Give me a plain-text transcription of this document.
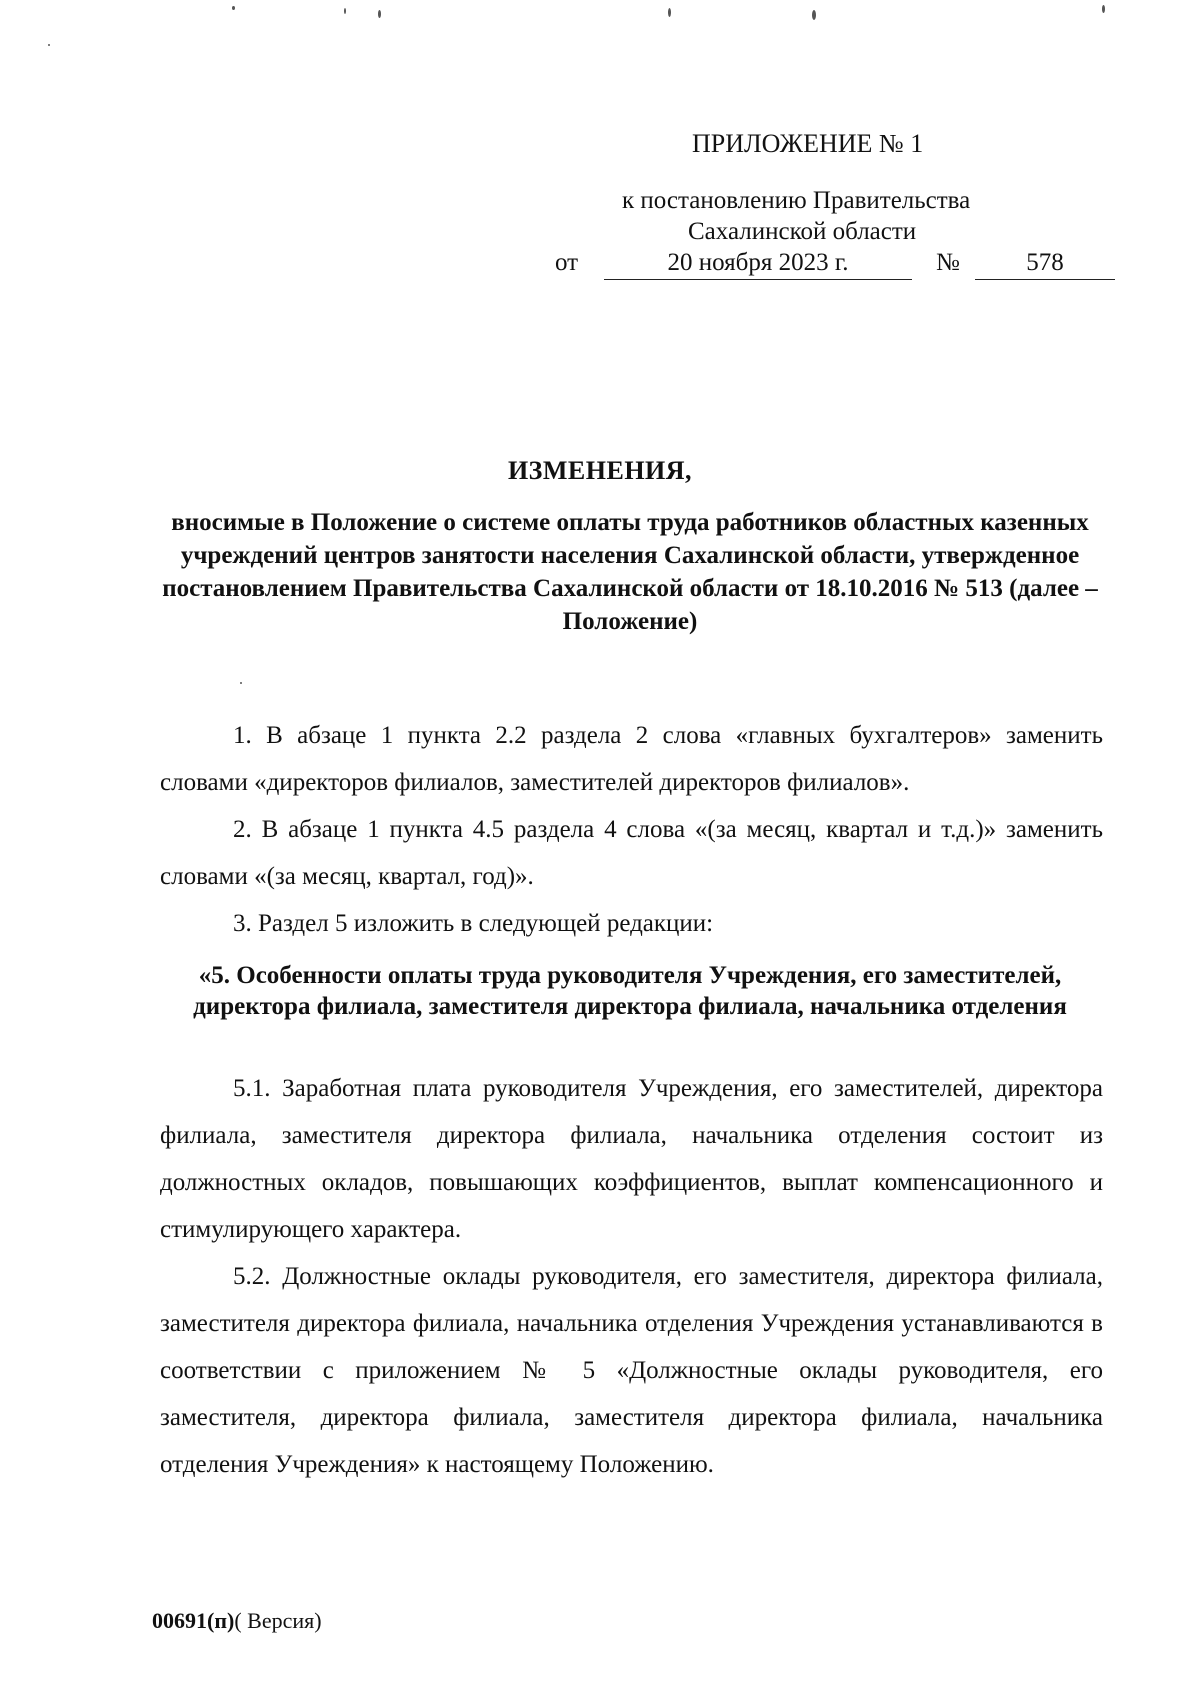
ПРИЛОЖЕНИЕ № 1
к постановлению Правительства
Сахалинской области
от	20 ноября 2023 г.	№	578
ИЗМЕНЕНИЯ,
вносимые в Положение о системе оплаты труда работников областных казенных учреждений центров занятости населения Сахалинской области, утвержденное постановлением Правительства Сахалинской области от 18.10.2016 № 513 (далее – Положение)

1. В абзаце 1 пункта 2.2 раздела 2 слова «главных бухгалтеров» заменить словами «директоров филиалов, заместителей директоров филиалов».

2. В абзаце 1 пункта 4.5 раздела 4 слова «(за месяц, квартал и т.д.)» заменить словами «(за месяц, квартал, год)».

3. Раздел 5 изложить в следующей редакции:

«5. Особенности оплаты труда руководителя Учреждения, его заместителей, директора филиала, заместителя директора филиала, начальника отделения

5.1. Заработная плата руководителя Учреждения, его заместителей, директора филиала, заместителя директора филиала, начальника отделения состоит из должностных окладов, повышающих коэффициентов, выплат компенсационного и стимулирующего характера.

5.2. Должностные оклады руководителя, его заместителя, директора филиала, заместителя директора филиала, начальника отделения Учреждения устанавливаются в соответствии с приложением № 5 «Должностные оклады руководителя, его заместителя, директора филиала, заместителя директора филиала, начальника отделения Учреждения» к настоящему Положению.

00691(п)( Версия)
